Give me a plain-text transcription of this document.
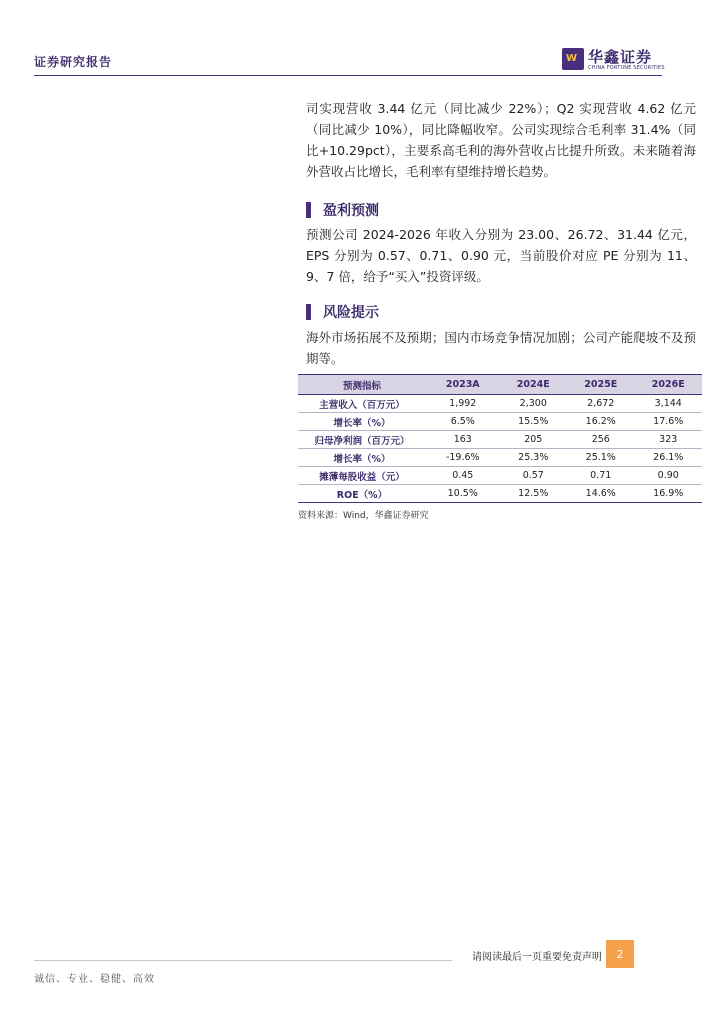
证券研究报告	W 华鑫证券
CHINA FORTUNE SECURITIES

司实现营收 3.44 亿元（同比减少 22%）；Q2 实现营收 4.62 亿元（同比减少 10%），同比降幅收窄。公司实现综合毛利率 31.4%（同比+10.29pct），主要系高毛利的海外营收占比提升所致。未来随着海外营收占比增长，毛利率有望维持增长趋势。

盈利预测

预测公司 2024-2026 年收入分别为 23.00、26.72、31.44 亿元，EPS 分别为 0.57、0.71、0.90 元，当前股价对应 PE 分别为 11、9、7 倍，给予“买入”投资评级。

风险提示

海外市场拓展不及预期；国内市场竞争情况加剧；公司产能爬坡不及预期等。

预测指标	2023A	2024E	2025E	2026E
主营收入（百万元）	1,992	2,300	2,672	3,144
增长率（%）	6.5%	15.5%	16.2%	17.6%
归母净利润（百万元）	163	205	256	323
增长率（%）	-19.6%	25.3%	25.1%	26.1%
摊薄每股收益（元）	0.45	0.57	0.71	0.90
ROE（%）	10.5%	12.5%	14.6%	16.9%
资料来源：Wind，华鑫证券研究
请阅读最后一页重要免责声明	2
诚信、专业、稳健、高效
